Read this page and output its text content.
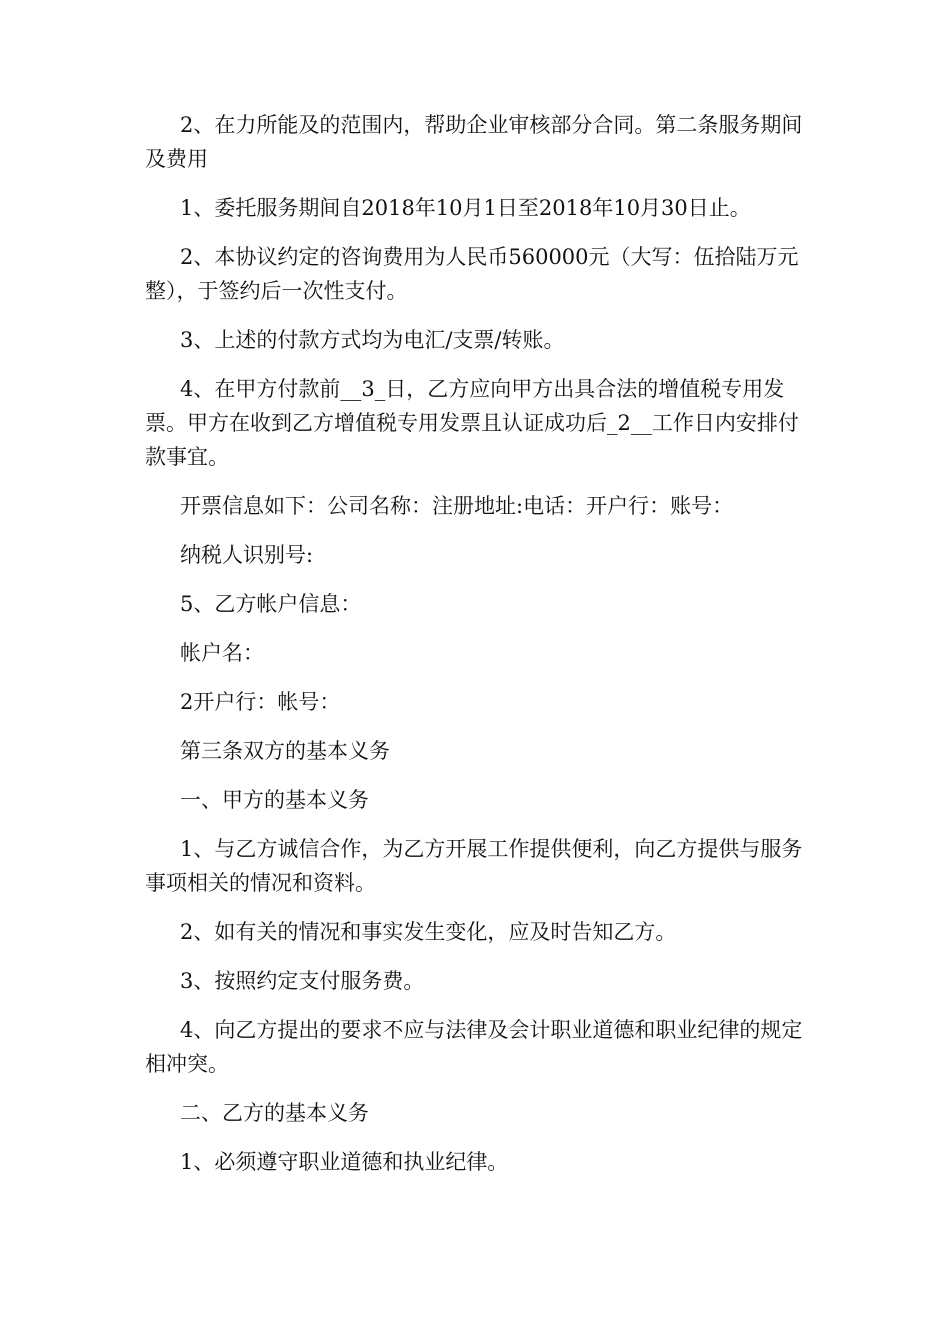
2、在力所能及的范围内，帮助企业审核部分合同。第二条服务期间及费用

1、委托服务期间自2018年10月1日至2018年10月30日止。

2、本协议约定的咨询费用为人民币560000元（大写：伍拾陆万元整），于签约后一次性支付。

3、上述的付款方式均为电汇/支票/转账。

4、在甲方付款前__3_日，乙方应向甲方出具合法的增值税专用发票。甲方在收到乙方增值税专用发票且认证成功后_2__工作日内安排付款事宜。

开票信息如下：公司名称：注册地址:电话：开户行：账号：

纳税人识别号:

5、乙方帐户信息：

帐户名：

2开户行：帐号：

第三条双方的基本义务

一、甲方的基本义务

1、与乙方诚信合作，为乙方开展工作提供便利，向乙方提供与服务事项相关的情况和资料。

2、如有关的情况和事实发生变化，应及时告知乙方。

3、按照约定支付服务费。

4、向乙方提出的要求不应与法律及会计职业道德和职业纪律的规定相冲突。

二、乙方的基本义务

1、必须遵守职业道德和执业纪律。
